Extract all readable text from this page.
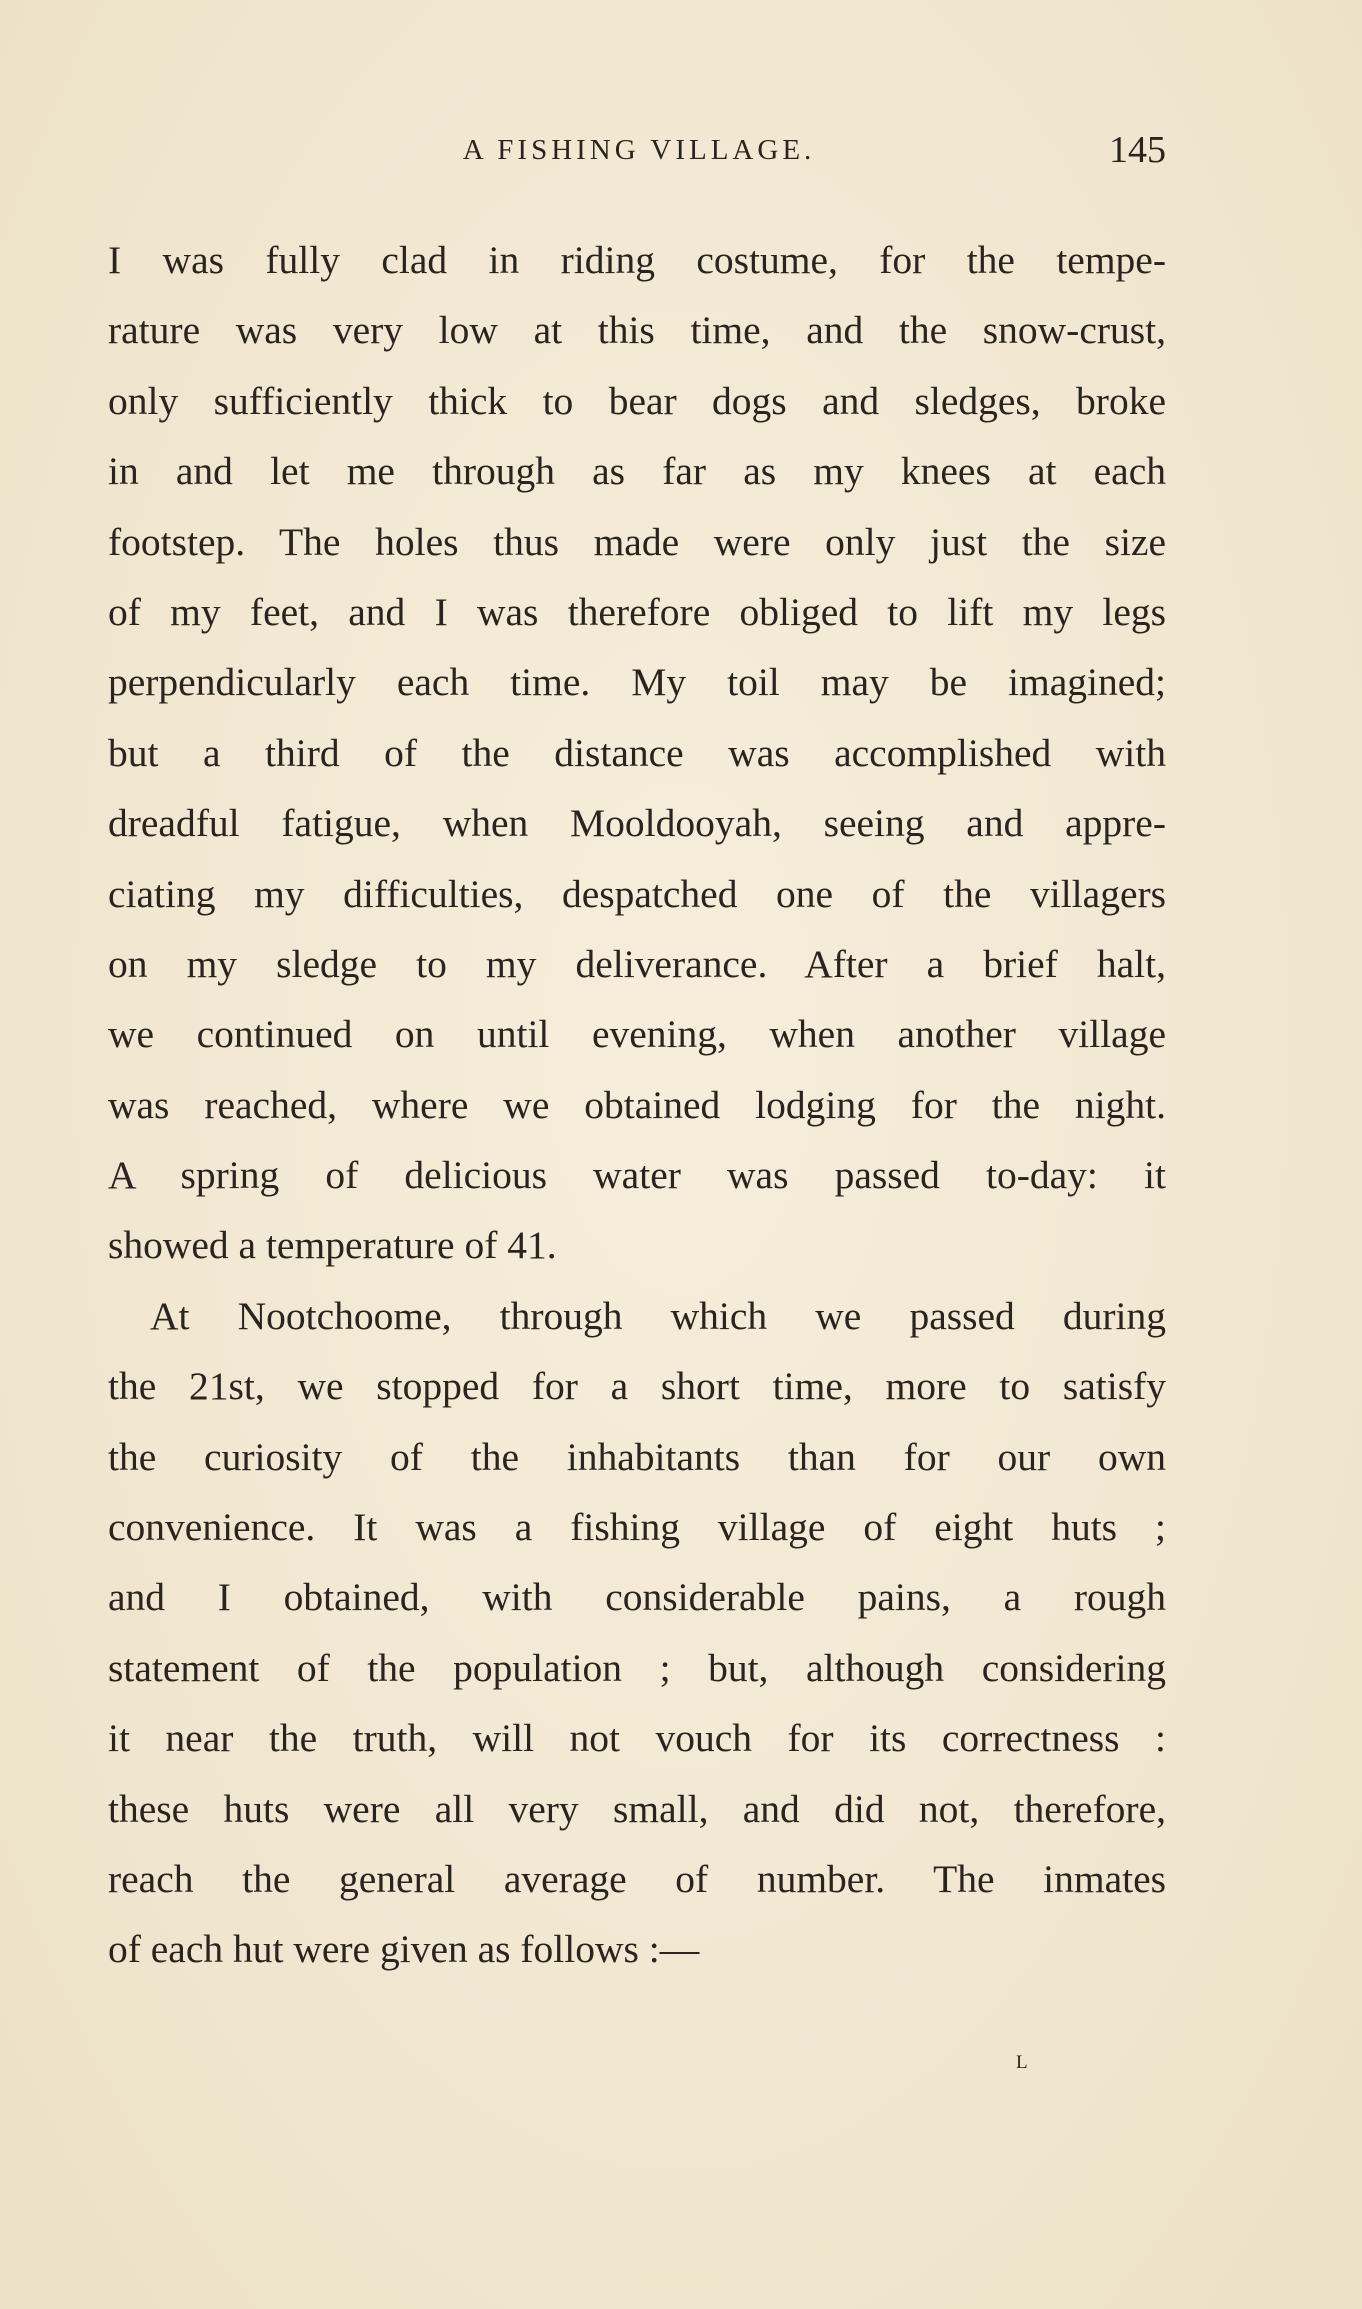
A FISHING VILLAGE.	145
I was fully clad in riding costume, for the tempe-
rature was very low at this time, and the snow-crust,
only sufficiently thick to bear dogs and sledges, broke
in and let me through as far as my knees at each
footstep. The holes thus made were only just the size
of my feet, and I was therefore obliged to lift my legs
perpendicularly each time. My toil may be imagined;
but a third of the distance was accomplished with
dreadful fatigue, when Mooldooyah, seeing and appre-
ciating my difficulties, despatched one of the villagers
on my sledge to my deliverance. After a brief halt,
we continued on until evening, when another village
was reached, where we obtained lodging for the night.
A spring of delicious water was passed to-day: it
showed a temperature of 41.
At Nootchoome, through which we passed during
the 21st, we stopped for a short time, more to satisfy
the curiosity of the inhabitants than for our own
convenience. It was a fishing village of eight huts ;
and I obtained, with considerable pains, a rough
statement of the population ; but, although considering
it near the truth, will not vouch for its correctness :
these huts were all very small, and did not, therefore,
reach the general average of number. The inmates
of each hut were given as follows :—
L
